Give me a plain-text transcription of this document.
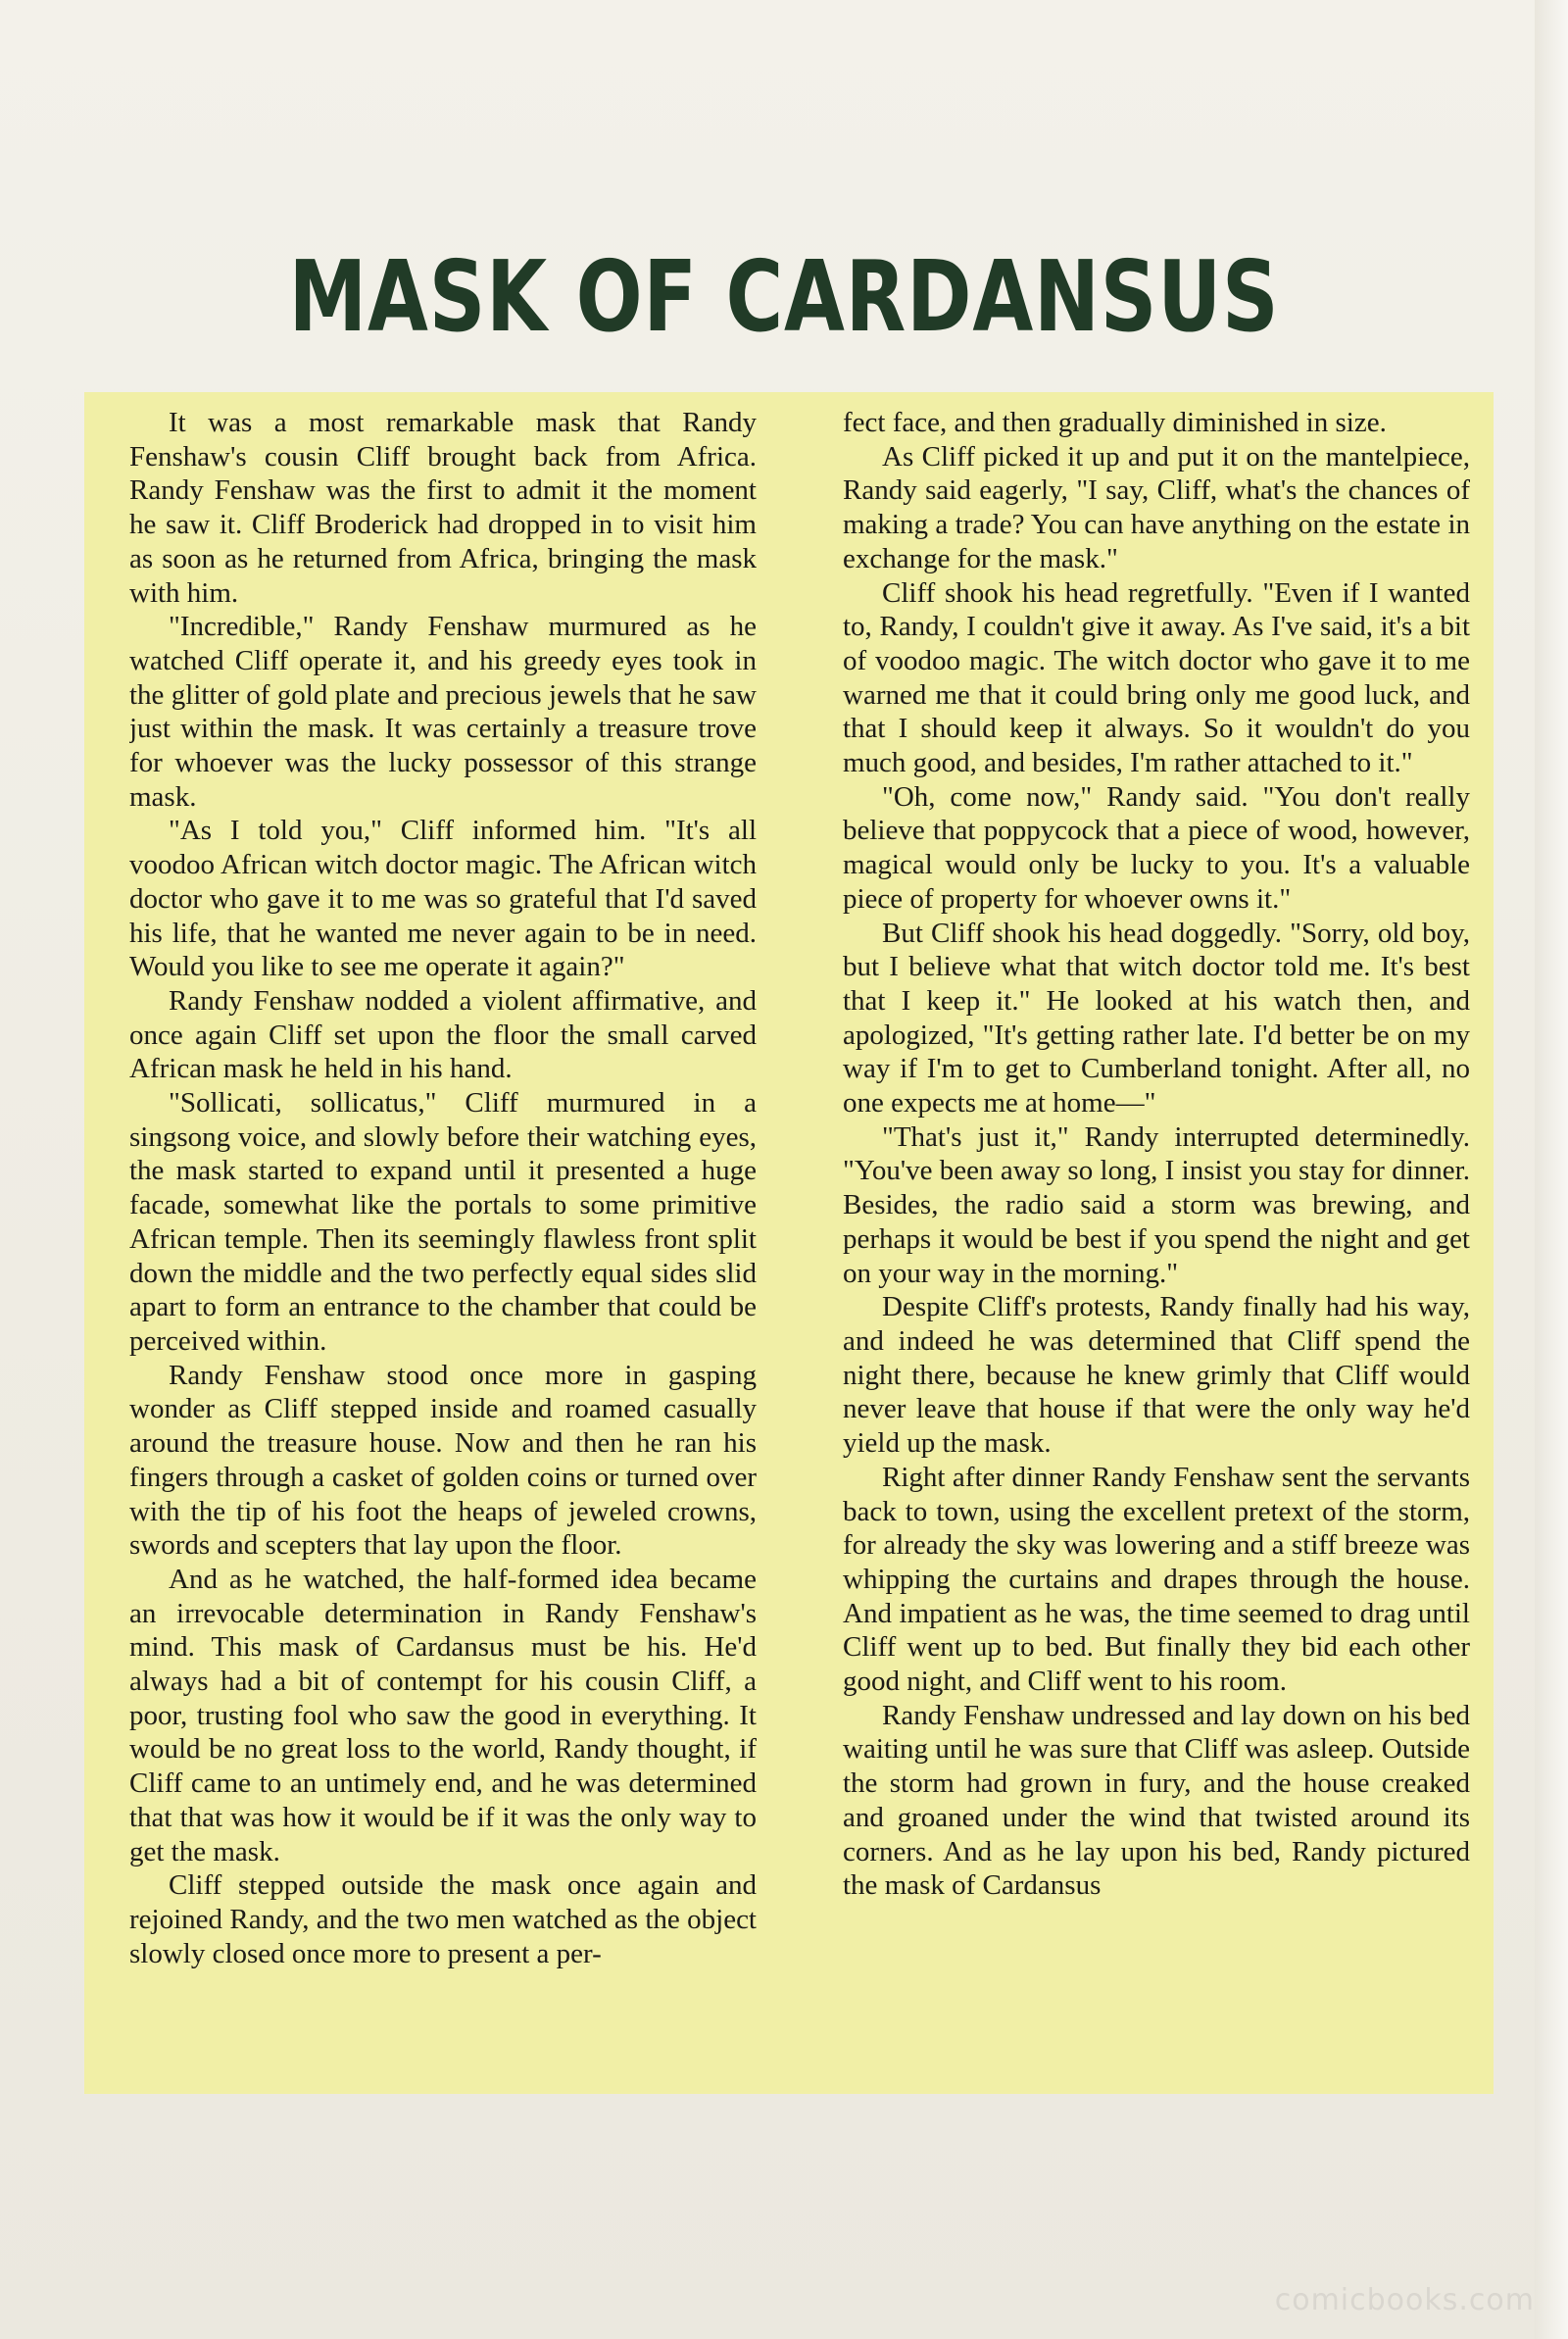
MASK OF CARDANSUS

It was a most remarkable mask that Randy Fenshaw's cousin Cliff brought back from Africa. Randy Fenshaw was the first to admit it the moment he saw it. Cliff Broderick had dropped in to visit him as soon as he returned from Africa, bringing the mask with him.

"Incredible," Randy Fenshaw murmured as he watched Cliff operate it, and his greedy eyes took in the glitter of gold plate and precious jewels that he saw just within the mask. It was certainly a treasure trove for whoever was the lucky possessor of this strange mask.

"As I told you," Cliff informed him. "It's all voodoo African witch doctor magic. The African witch doctor who gave it to me was so grateful that I'd saved his life, that he wanted me never again to be in need. Would you like to see me operate it again?"

Randy Fenshaw nodded a violent affirmative, and once again Cliff set upon the floor the small carved African mask he held in his hand.

"Sollicati, sollicatus," Cliff murmured in a singsong voice, and slowly before their watching eyes, the mask started to expand until it presented a huge facade, somewhat like the portals to some primitive African temple. Then its seemingly flawless front split down the middle and the two perfectly equal sides slid apart to form an entrance to the chamber that could be perceived within.

Randy Fenshaw stood once more in gasping wonder as Cliff stepped inside and roamed casually around the treasure house. Now and then he ran his fingers through a casket of golden coins or turned over with the tip of his foot the heaps of jeweled crowns, swords and scepters that lay upon the floor.

And as he watched, the half-formed idea became an irrevocable determination in Randy Fenshaw's mind. This mask of Cardansus must be his. He'd always had a bit of contempt for his cousin Cliff, a poor, trusting fool who saw the good in everything. It would be no great loss to the world, Randy thought, if Cliff came to an untimely end, and he was determined that that was how it would be if it was the only way to get the mask.

Cliff stepped outside the mask once again and rejoined Randy, and the two men watched as the object slowly closed once more to present a per-

fect face, and then gradually diminished in size.

As Cliff picked it up and put it on the mantelpiece, Randy said eagerly, "I say, Cliff, what's the chances of making a trade? You can have anything on the estate in exchange for the mask."

Cliff shook his head regretfully. "Even if I wanted to, Randy, I couldn't give it away. As I've said, it's a bit of voodoo magic. The witch doctor who gave it to me warned me that it could bring only me good luck, and that I should keep it always. So it wouldn't do you much good, and besides, I'm rather attached to it."

"Oh, come now," Randy said. "You don't really believe that poppycock that a piece of wood, however, magical would only be lucky to you. It's a valuable piece of property for whoever owns it."

But Cliff shook his head doggedly. "Sorry, old boy, but I believe what that witch doctor told me. It's best that I keep it." He looked at his watch then, and apologized, "It's getting rather late. I'd better be on my way if I'm to get to Cumberland tonight. After all, no one expects me at home—"

"That's just it," Randy interrupted determinedly. "You've been away so long, I insist you stay for dinner. Besides, the radio said a storm was brewing, and perhaps it would be best if you spend the night and get on your way in the morning."

Despite Cliff's protests, Randy finally had his way, and indeed he was determined that Cliff spend the night there, because he knew grimly that Cliff would never leave that house if that were the only way he'd yield up the mask.

Right after dinner Randy Fenshaw sent the servants back to town, using the excellent pretext of the storm, for already the sky was lowering and a stiff breeze was whipping the curtains and drapes through the house. And impatient as he was, the time seemed to drag until Cliff went up to bed. But finally they bid each other good night, and Cliff went to his room.

Randy Fenshaw undressed and lay down on his bed waiting until he was sure that Cliff was asleep. Outside the storm had grown in fury, and the house creaked and groaned under the wind that twisted around its corners. And as he lay upon his bed, Randy pictured the mask of Cardansus

comicbooks.com
